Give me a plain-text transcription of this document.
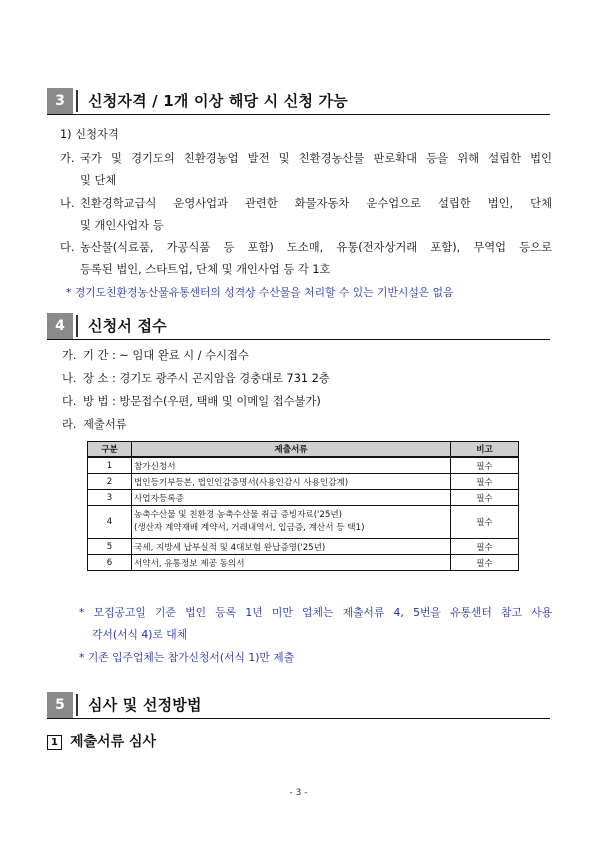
3	신청자격 / 1개 이상 해당 시 신청 가능
1) 신청자격
가. 국가 및 경기도의 친환경농업 발전 및 친환경농산물 판로확대 등을 위해 설립한 법인
및 단체
나. 친환경학교급식 운영사업과 관련한 화물자동차 운수업으로 설립한 법인, 단체
및 개인사업자 등
다. 농산물(식료품, 가공식품 등 포함) 도소매, 유통(전자상거래 포함), 무역업 등으로
등록된 법인, 스타트업, 단체 및 개인사업 등 각 1호
* 경기도친환경농산물유통센터의 성격상 수산물을 처리할 수 있는 기반시설은 없음
4	신청서 접수
가. 기 간 : ~ 임대 완료 시 / 수시접수
나. 장 소 : 경기도 광주시 곤지암읍 경충대로 731 2층
다. 방 법 : 방문접수(우편, 택배 및 이메일 접수불가)
라. 제출서류
구분	제출서류	비고
1	참가신청서	필수
2	법인등기부등본, 법인인감증명서(사용인감시 사용인감계)	필수
3	사업자등록증	필수
4	농축수산물 및 친환경 농축수산물 취급 증빙자료('25년)
(생산자 계약재배 계약서, 거래내역서, 입금증, 계산서 등 택1)	필수
5	국세, 지방세 납부실적 및 4대보험 완납증명('25년)	필수
6	서약서, 유통정보 제공 동의서	필수
* 모집공고일 기준 법인 등록 1년 미만 업체는 제출서류 4, 5번을 유통센터 참고 사용
각서(서식 4)로 대체
* 기존 입주업체는 참가신청서(서식 1)만 제출
5	심사 및 선정방법
1 제출서류 심사
- 3 -
